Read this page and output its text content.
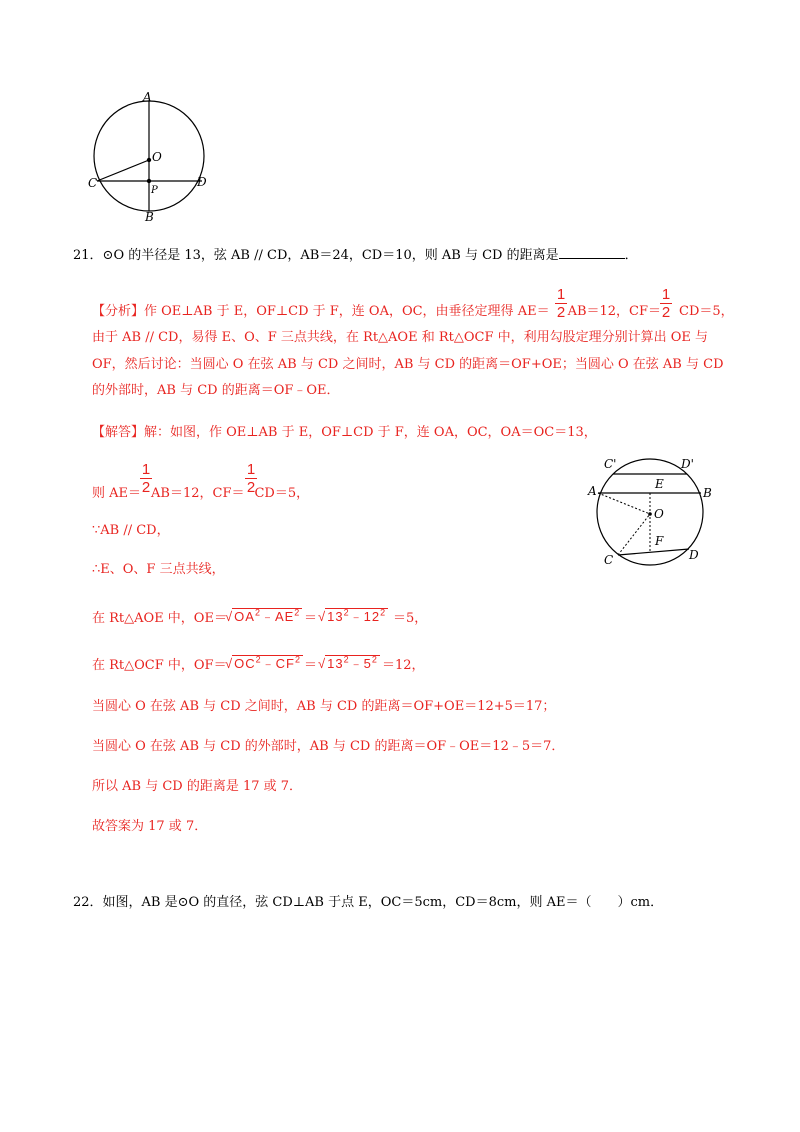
A
O
C
P
D
B
21．⊙O 的半径是 13，弦 AB // CD，AB＝24，CD＝10，则 AB 与 CD 的距离是	．
【分析】作 OE⊥AB 于 E，OF⊥CD 于 F，连 OA，OC，由垂径定理得 AE＝ AB＝12，CF＝ CD＝5，
1
2
1
2
由于 AB // CD，易得 E、O、F 三点共线，在 Rt△AOE 和 Rt△OCF 中，利用勾股定理分别计算出 OE 与
OF，然后讨论：当圆心 O 在弦 AB 与 CD 之间时，AB 与 CD 的距离＝OF+OE；当圆心 O 在弦 AB 与 CD
的外部时，AB 与 CD 的距离＝OF﹣OE．
【解答】解：如图，作 OE⊥AB 于 E，OF⊥CD 于 F，连 OA，OC，OA＝OC＝13，
则 AE＝ AB＝12，CF＝ CD＝5，
1
2
1
2
∵AB // CD，
∴E、O、F 三点共线，
在 Rt△AOE 中，OE＝
√ $OA^2﹣AE^2$ ＝ √ $13^2﹣12^2 =5$，
在 Rt△OCF 中，OF＝
√ $OC^2﹣CF^2$ ＝ √ $13^2﹣5^2 =12$，
当圆心 O 在弦 AB 与 CD 之间时，AB 与 CD 的距离＝OF+OE＝12+5＝17；
当圆心 O 在弦 AB 与 CD 的外部时，AB 与 CD 的距离＝OF﹣OE＝12﹣5＝7．
所以 AB 与 CD 的距离是 17 或 7．
故答案为 17 或 7．
C'	D'
A	E
B
O
F
C	D
22．如图，AB 是⊙O 的直径，弦 CD⊥AB 于点 E，OC＝5cm，CD＝8cm，则 AE＝（　　）cm．
